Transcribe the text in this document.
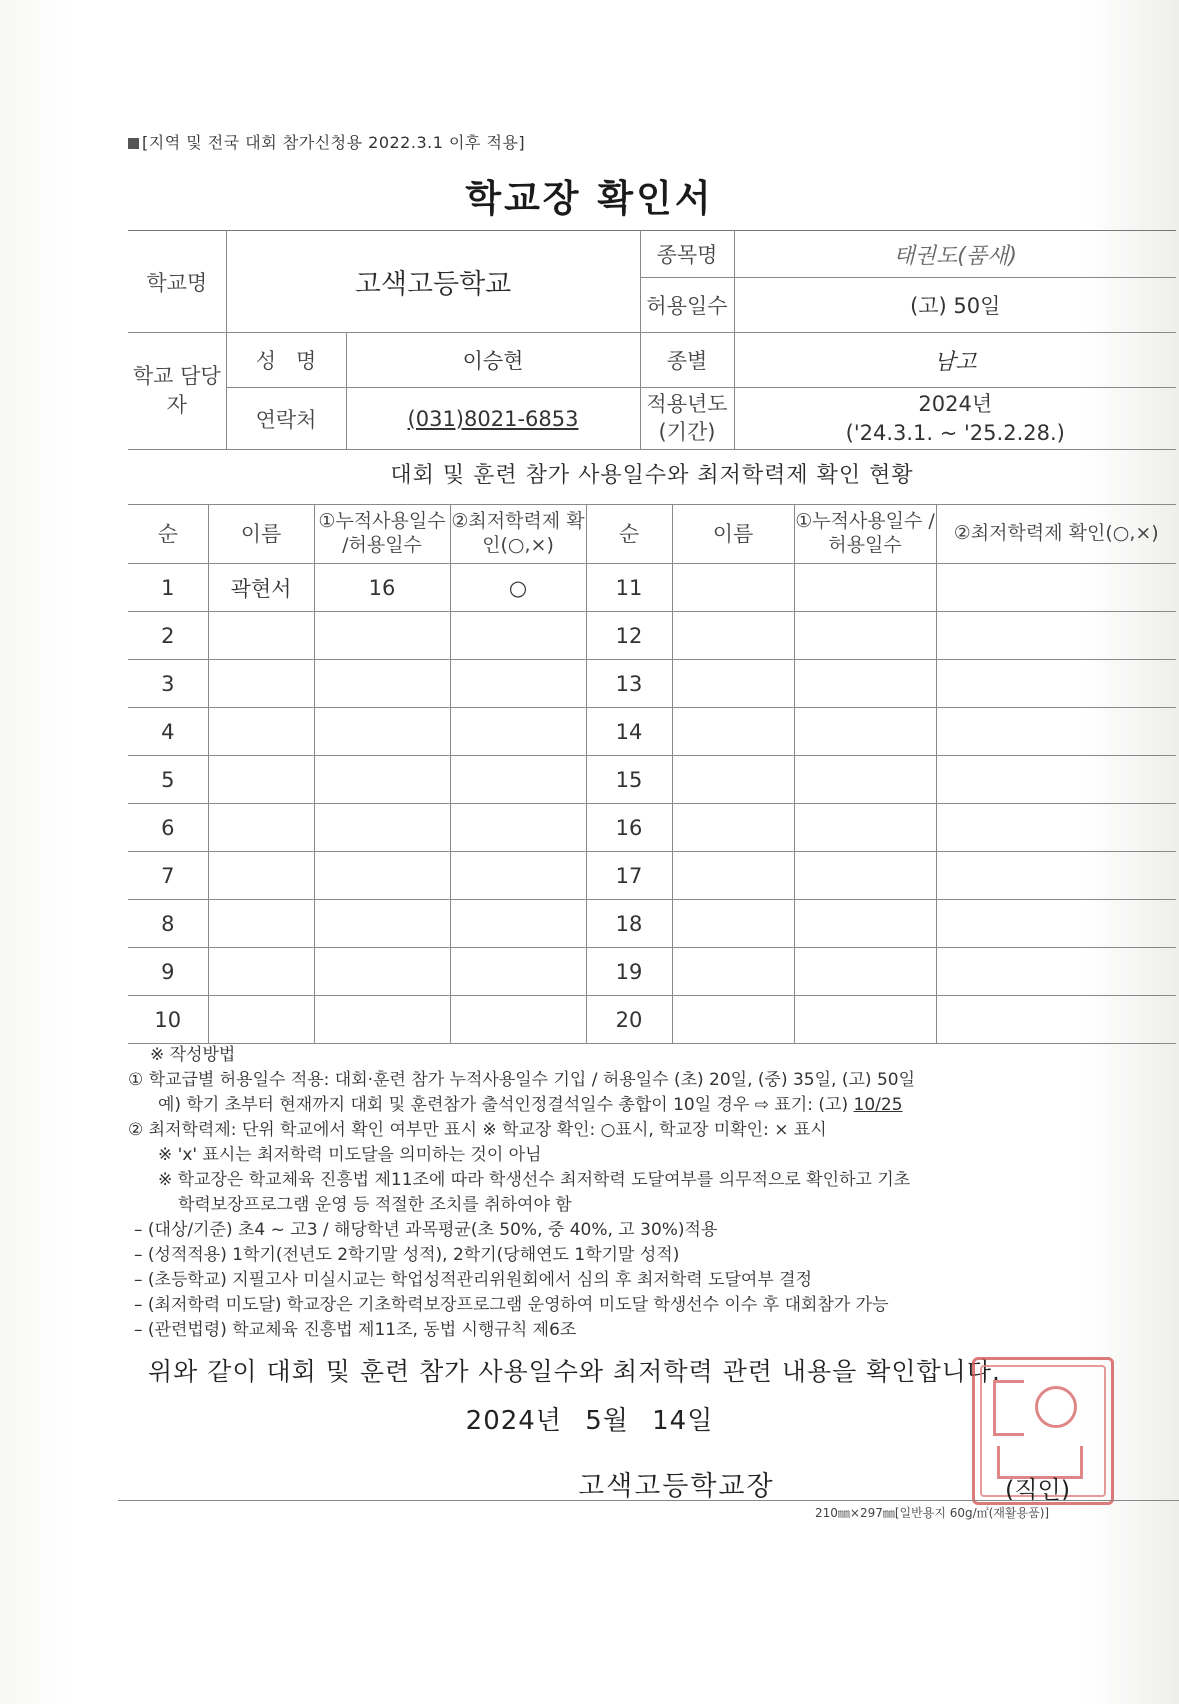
[지역 및 전국 대회 참가신청용 2022.3.1 이후 적용]
학교장 확인서
학교명	고색고등학교		종목명	태권도(품새)
			허용일수	(고) 50일
학교 담당자	성   명	이승현	종별	남고
	연락처	(031)8021-6853	적용년도 (기간)	2024년
('24.3.1. ~ '25.2.28.)
대회 및 훈련 참가 사용일수와 최저학력제 확인 현황
순	이름	①누적사용일수 /허용일수	②최저학력제 확인(○,×)	순	이름	①누적사용일수 /허용일수	②최저학력제 확인(○,×)
1	곽현서	16	○	11			
2				12			
3				13			
4				14			
5				15			
6				16			
7				17			
8				18			
9				19			
10				20			
※ 작성방법
① 학교급별 허용일수 적용: 대회·훈련 참가 누적사용일수 기입 / 허용일수 (초) 20일, (중) 35일, (고) 50일
예) 학기 초부터 현재까지 대회 및 훈련참가 출석인정결석일수 총합이 10일 경우 ⇨ 표기: (고) 10/25
② 최저학력제: 단위 학교에서 확인 여부만 표시 ※ 학교장 확인: ○표시, 학교장 미확인: × 표시
※ 'x' 표시는 최저학력 미도달을 의미하는 것이 아님
※ 학교장은 학교체육 진흥법 제11조에 따라 학생선수 최저학력 도달여부를 의무적으로 확인하고 기초
학력보장프로그램 운영 등 적절한 조치를 취하여야 함
– (대상/기준) 초4 ~ 고3 / 해당학년 과목평균(초 50%, 중 40%, 고 30%)적용
– (성적적용) 1학기(전년도 2학기말 성적), 2학기(당해연도 1학기말 성적)
– (초등학교) 지필고사 미실시교는 학업성적관리위원회에서 심의 후 최저학력 도달여부 결정
– (최저학력 미도달) 학교장은 기초학력보장프로그램 운영하여 미도달 학생선수 이수 후 대회참가 가능
– (관련법령) 학교체육 진흥법 제11조, 동법 시행규칙 제6조
위와 같이 대회 및 훈련 참가 사용일수와 최저학력 관련 내용을 확인합니다.
2024년 5월 14일
고색고등학교장	(직인)
210㎜×297㎜[일반용지 60g/㎡(재활용품)]
